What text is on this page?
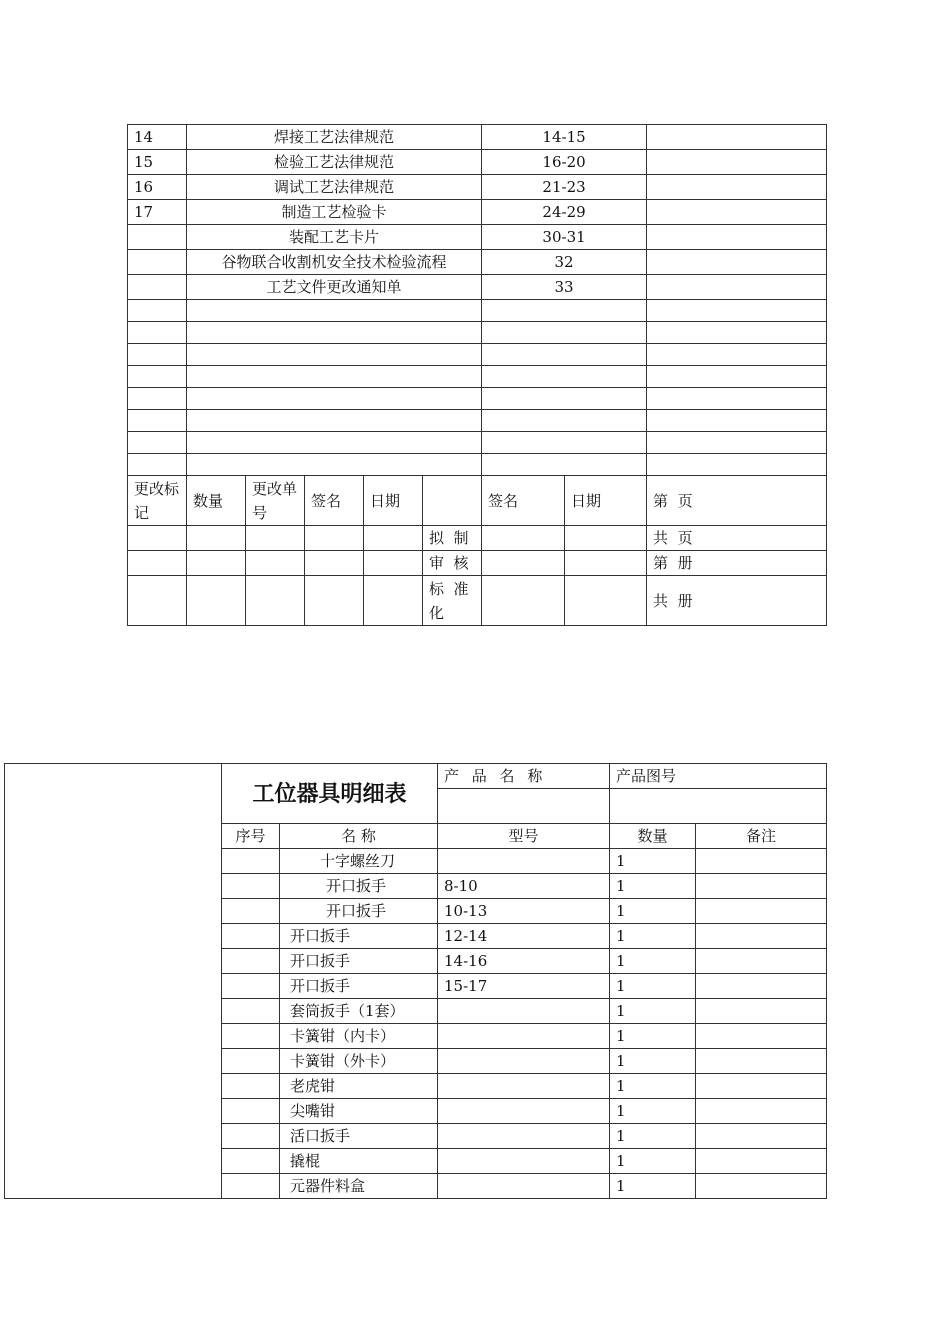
14	焊接工艺法律规范					14-15		
15	检验工艺法律规范					16-20		
16	调试工艺法律规范					21-23		
17	制造工艺检验卡					24-29		
	装配工艺卡片					30-31		
	谷物联合收割机安全技术检验流程					32		
	工艺文件更改通知单					33		

更改标记	数量	更改单号	签名	日期		签名	日期	第  页
					拟  制			共  页
					审  核			第  册
					标  准化			共  册
	工位器具明细表		产 品 名 称	产品图号	

	序号	名 称	型号	数量	备注
		十字螺丝刀		1	
		开口扳手	8-10	1	
		开口扳手	10-13	1	
		开口扳手	12-14	1	
		开口扳手	14-16	1	
		开口扳手	15-17	1	
		套筒扳手（1套）		1	
		卡簧钳（内卡）		1	
		卡簧钳（外卡）		1	
		老虎钳		1	
		尖嘴钳		1	
		活口扳手		1	
		撬棍		1	
		元器件料盒		1	
